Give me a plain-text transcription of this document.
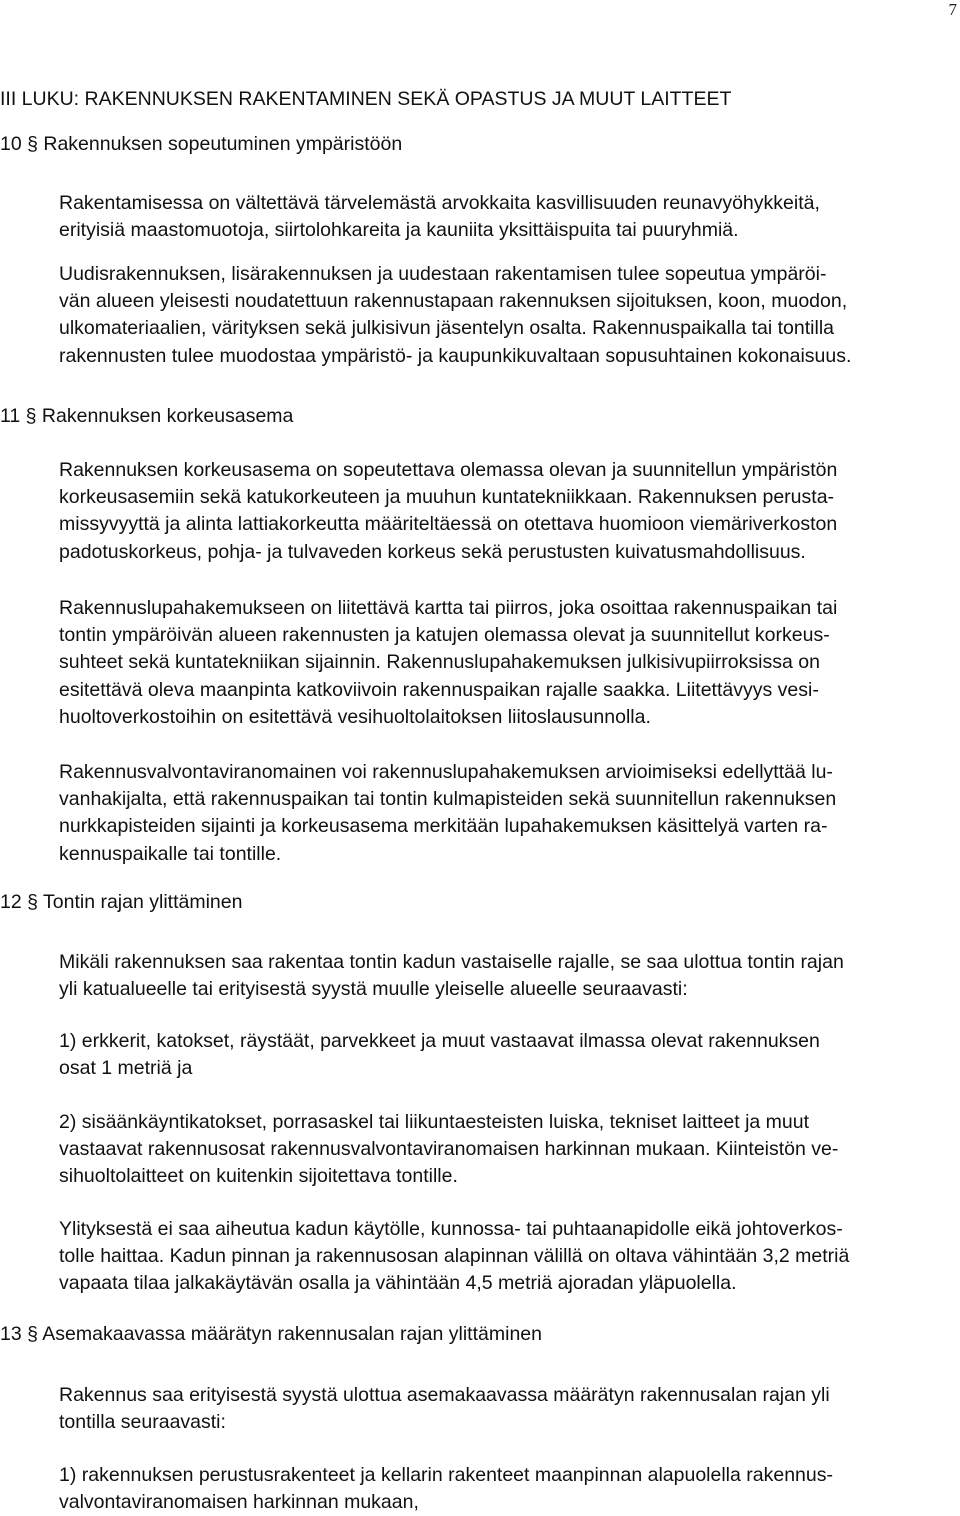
7
III LUKU: RAKENNUKSEN RAKENTAMINEN SEKÄ OPASTUS JA MUUT LAITTEET
10 § Rakennuksen sopeutuminen ympäristöön
Rakentamisessa on vältettävä tärvelemästä arvokkaita kasvillisuuden reunavyöhykkeitä,
erityisiä maastomuotoja, siirtolohkareita ja kauniita yksittäispuita tai puuryhmiä.
Uudisrakennuksen, lisärakennuksen ja uudestaan rakentamisen tulee sopeutua ympäröi-
vän alueen yleisesti noudatettuun rakennustapaan rakennuksen sijoituksen, koon, muodon,
ulkomateriaalien, värityksen sekä julkisivun jäsentelyn osalta. Rakennuspaikalla tai tontilla
rakennusten tulee muodostaa ympäristö- ja kaupunkikuvaltaan sopusuhtainen kokonaisuus.
11 § Rakennuksen korkeusasema
Rakennuksen korkeusasema on sopeutettava olemassa olevan ja suunnitellun ympäristön
korkeusasemiin sekä katukorkeuteen ja muuhun kuntatekniikkaan. Rakennuksen perusta-
missyvyyttä ja alinta lattiakorkeutta määriteltäessä on otettava huomioon viemäriverkoston
padotuskorkeus, pohja- ja tulvaveden korkeus sekä perustusten kuivatusmahdollisuus.
Rakennuslupahakemukseen on liitettävä kartta tai piirros, joka osoittaa rakennuspaikan tai
tontin ympäröivän alueen rakennusten ja katujen olemassa olevat ja suunnitellut korkeus-
suhteet sekä kuntatekniikan sijainnin. Rakennuslupahakemuksen julkisivupiirroksissa on
esitettävä oleva maanpinta katkoviivoin rakennuspaikan rajalle saakka. Liitettävyys vesi-
huoltoverkostoihin on esitettävä vesihuoltolaitoksen liitoslausunnolla.
Rakennusvalvontaviranomainen voi rakennuslupahakemuksen arvioimiseksi edellyttää lu-
vanhakijalta, että rakennuspaikan tai tontin kulmapisteiden sekä suunnitellun rakennuksen
nurkkapisteiden sijainti ja korkeusasema merkitään lupahakemuksen käsittelyä varten ra-
kennuspaikalle tai tontille.
12 § Tontin rajan ylittäminen
Mikäli rakennuksen saa rakentaa tontin kadun vastaiselle rajalle, se saa ulottua tontin rajan
yli katualueelle tai erityisestä syystä muulle yleiselle alueelle seuraavasti:
1) erkkerit, katokset, räystäät, parvekkeet ja muut vastaavat ilmassa olevat rakennuksen
osat 1 metriä ja
2) sisäänkäyntikatokset, porrasaskel tai liikuntaesteisten luiska, tekniset laitteet ja muut
vastaavat rakennusosat rakennusvalvontaviranomaisen harkinnan mukaan. Kiinteistön ve-
sihuoltolaitteet on kuitenkin sijoitettava tontille.
Ylityksestä ei saa aiheutua kadun käytölle, kunnossa- tai puhtaanapidolle eikä johtoverkos-
tolle haittaa. Kadun pinnan ja rakennusosan alapinnan välillä on oltava vähintään 3,2 metriä
vapaata tilaa jalkakäytävän osalla ja vähintään 4,5 metriä ajoradan yläpuolella.
13 § Asemakaavassa määrätyn rakennusalan rajan ylittäminen
Rakennus saa erityisestä syystä ulottua asemakaavassa määrätyn rakennusalan rajan yli
tontilla seuraavasti:
1) rakennuksen perustusrakenteet ja kellarin rakenteet maanpinnan alapuolella rakennus-
valvontaviranomaisen harkinnan mukaan,
